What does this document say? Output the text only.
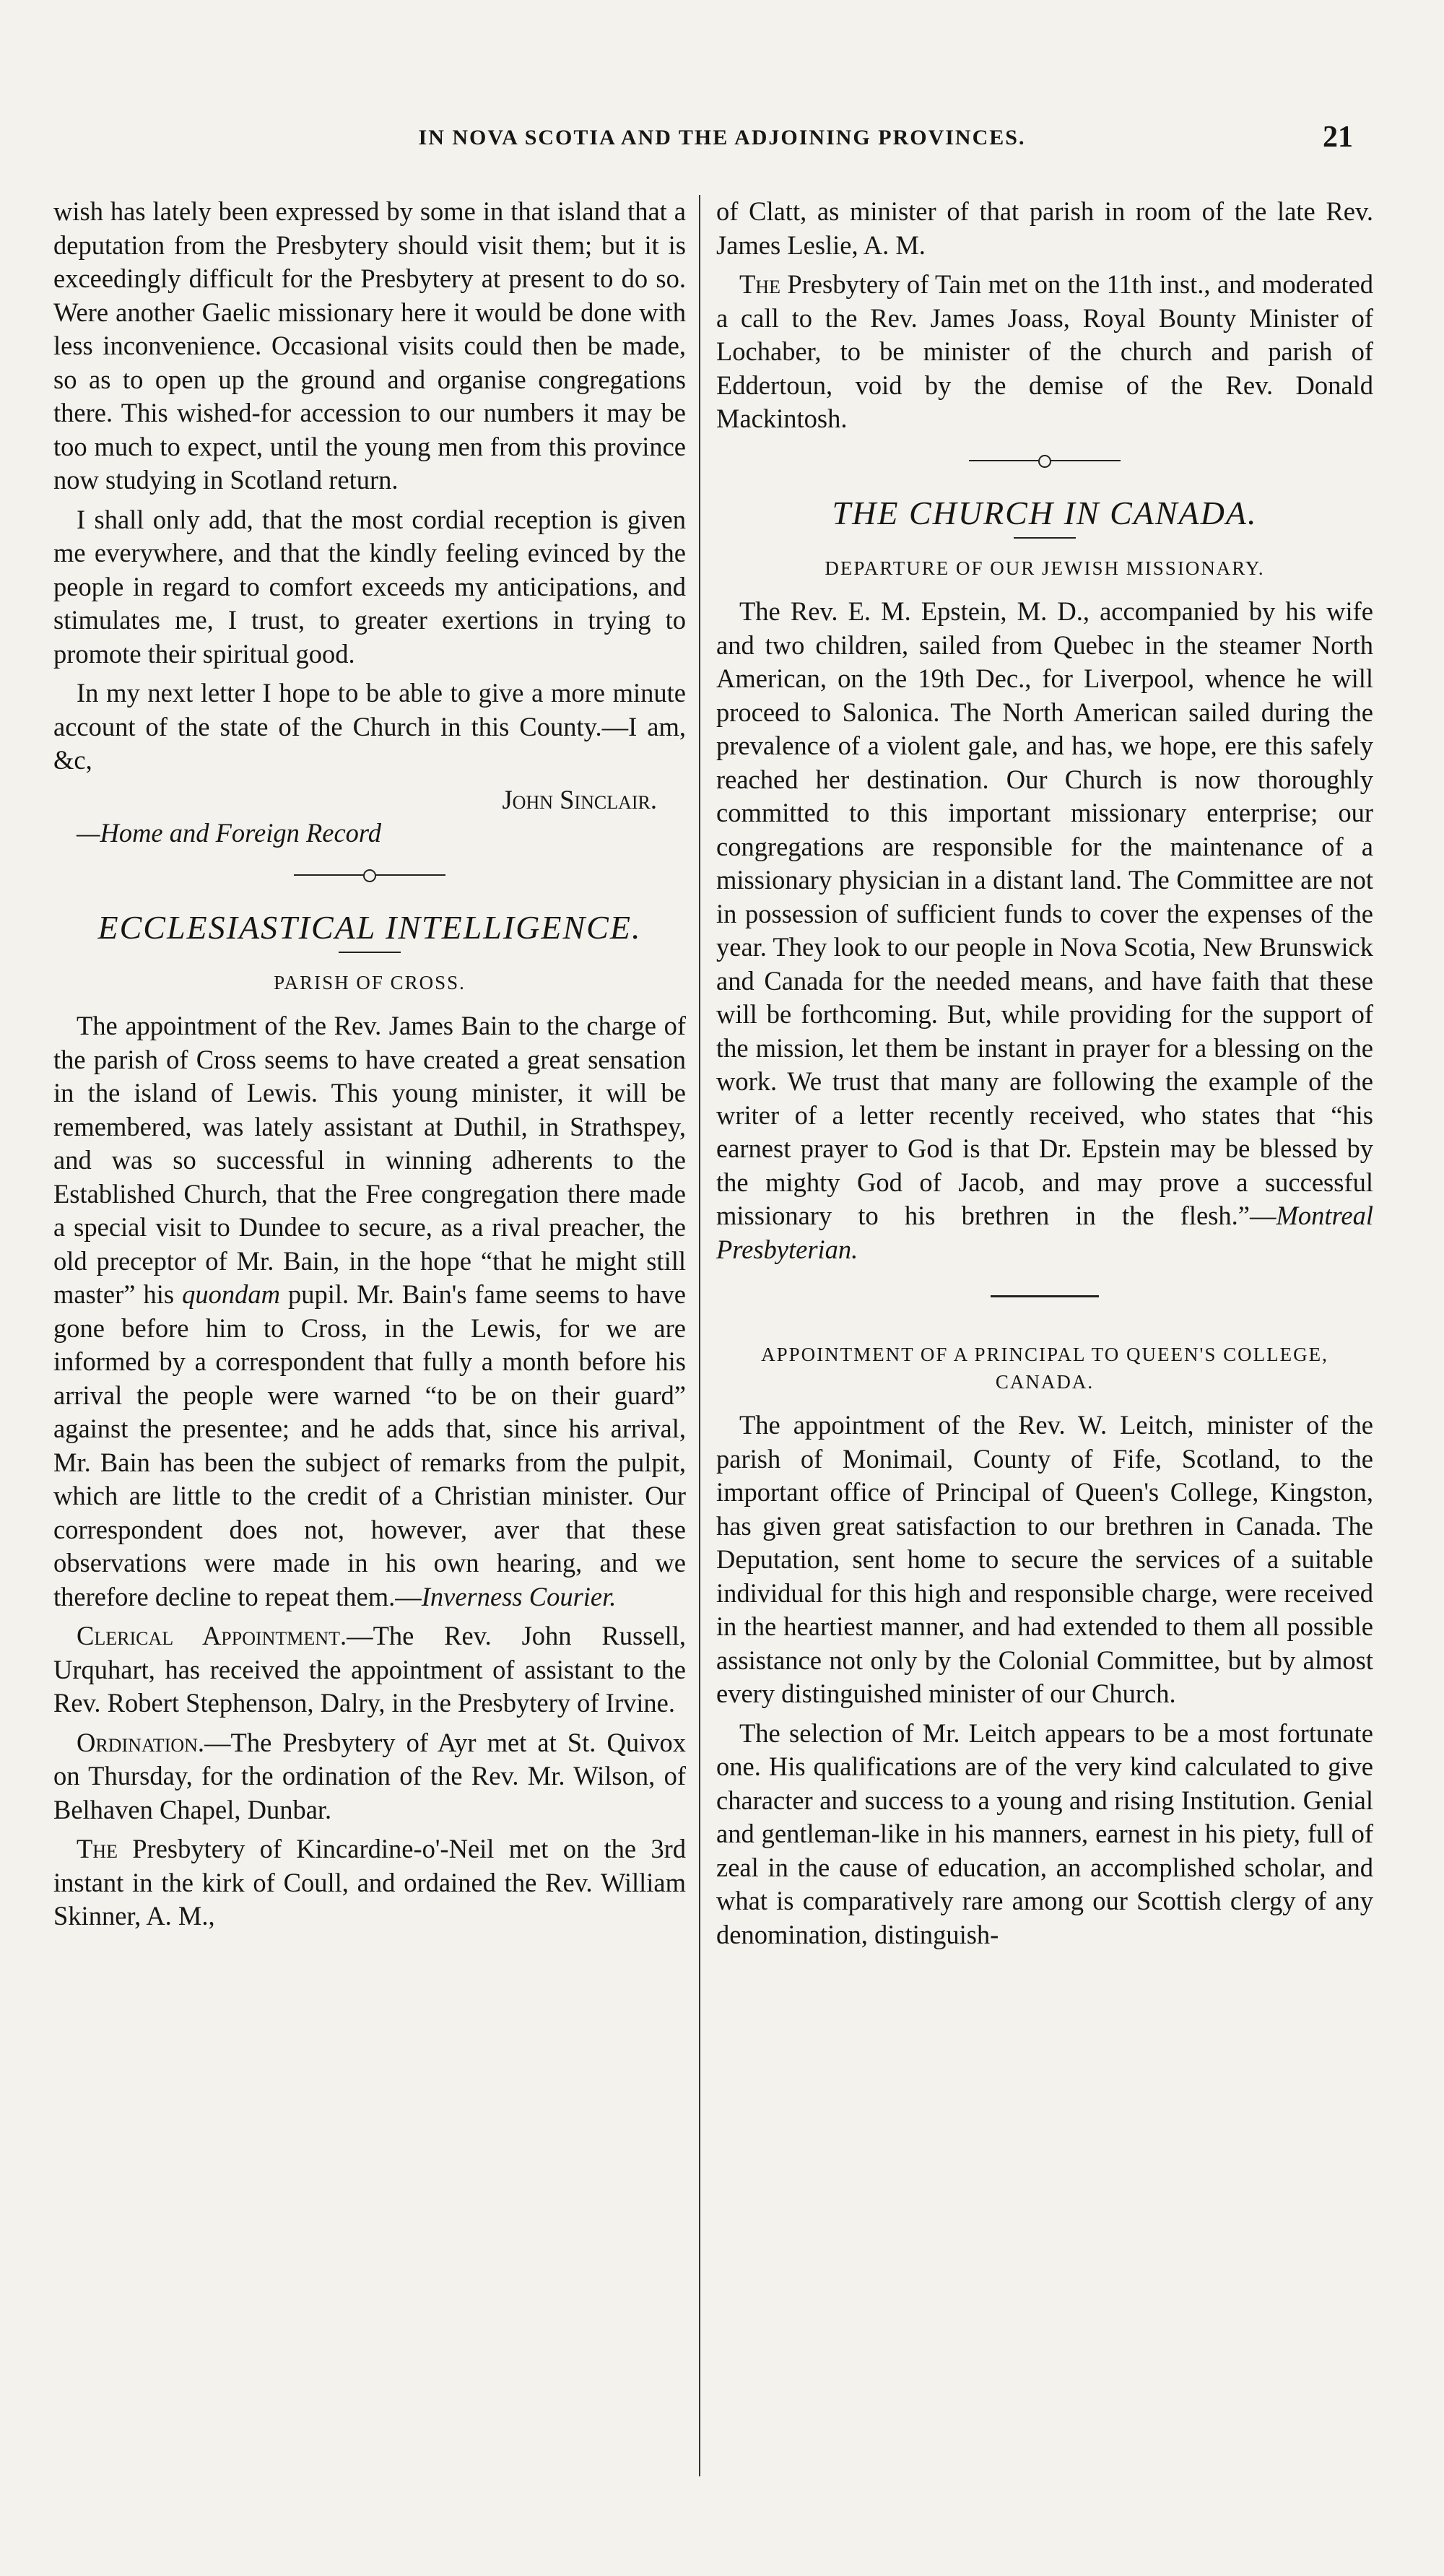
IN NOVA SCOTIA AND THE ADJOINING PROVINCES.	21

wish has lately been expressed by some in that island that a deputation from the Presbytery should visit them; but it is exceedingly difficult for the Presbytery at present to do so. Were another Gaelic missionary here it would be done with less inconvenience. Occasional visits could then be made, so as to open up the ground and organise congregations there. This wished-for accession to our numbers it may be too much to expect, until the young men from this province now studying in Scotland return.

I shall only add, that the most cordial reception is given me everywhere, and that the kindly feeling evinced by the people in regard to comfort exceeds my anticipations, and stimulates me, I trust, to greater exertions in trying to promote their spiritual good.

In my next letter I hope to be able to give a more minute account of the state of the Church in this County.—I am, &c,

John Sinclair.

—Home and Foreign Record

ECCLESIASTICAL INTELLIGENCE.
PARISH OF CROSS.

The appointment of the Rev. James Bain to the charge of the parish of Cross seems to have created a great sensation in the island of Lewis. This young minister, it will be remembered, was lately assistant at Duthil, in Strathspey, and was so successful in winning adherents to the Established Church, that the Free congregation there made a special visit to Dundee to secure, as a rival preacher, the old preceptor of Mr. Bain, in the hope “that he might still master” his quondam pupil. Mr. Bain's fame seems to have gone before him to Cross, in the Lewis, for we are informed by a correspondent that fully a month before his arrival the people were warned “to be on their guard” against the presentee; and he adds that, since his arrival, Mr. Bain has been the subject of remarks from the pulpit, which are little to the credit of a Christian minister. Our correspondent does not, however, aver that these observations were made in his own hearing, and we therefore decline to repeat them.—Inverness Courier.

Clerical Appointment.—The Rev. John Russell, Urquhart, has received the appointment of assistant to the Rev. Robert Stephenson, Dalry, in the Presbytery of Irvine.

Ordination.—The Presbytery of Ayr met at St. Quivox on Thursday, for the ordination of the Rev. Mr. Wilson, of Belhaven Chapel, Dunbar.

The Presbytery of Kincardine-o'-Neil met on the 3rd instant in the kirk of Coull, and ordained the Rev. William Skinner, A. M.,

of Clatt, as minister of that parish in room of the late Rev. James Leslie, A. M.

The Presbytery of Tain met on the 11th inst., and moderated a call to the Rev. James Joass, Royal Bounty Minister of Lochaber, to be minister of the church and parish of Eddertoun, void by the demise of the Rev. Donald Mackintosh.

THE CHURCH IN CANADA.
DEPARTURE OF OUR JEWISH MISSIONARY.

The Rev. E. M. Epstein, M. D., accompanied by his wife and two children, sailed from Quebec in the steamer North American, on the 19th Dec., for Liverpool, whence he will proceed to Salonica. The North American sailed during the prevalence of a violent gale, and has, we hope, ere this safely reached her destination. Our Church is now thoroughly committed to this important missionary enterprise; our congregations are responsible for the maintenance of a missionary physician in a distant land. The Committee are not in possession of sufficient funds to cover the expenses of the year. They look to our people in Nova Scotia, New Brunswick and Canada for the needed means, and have faith that these will be forthcoming. But, while providing for the support of the mission, let them be instant in prayer for a blessing on the work. We trust that many are following the example of the writer of a letter recently received, who states that “his earnest prayer to God is that Dr. Epstein may be blessed by the mighty God of Jacob, and may prove a successful missionary to his brethren in the flesh.”—Montreal Presbyterian.

APPOINTMENT OF A PRINCIPAL TO QUEEN'S COLLEGE, CANADA.

The appointment of the Rev. W. Leitch, minister of the parish of Monimail, County of Fife, Scotland, to the important office of Principal of Queen's College, Kingston, has given great satisfaction to our brethren in Canada. The Deputation, sent home to secure the services of a suitable individual for this high and responsible charge, were received in the heartiest manner, and had extended to them all possible assistance not only by the Colonial Committee, but by almost every distinguished minister of our Church.

The selection of Mr. Leitch appears to be a most fortunate one. His qualifications are of the very kind calculated to give character and success to a young and rising Institution. Genial and gentleman-like in his manners, earnest in his piety, full of zeal in the cause of education, an accomplished scholar, and what is comparatively rare among our Scottish clergy of any denomination, distinguish-
